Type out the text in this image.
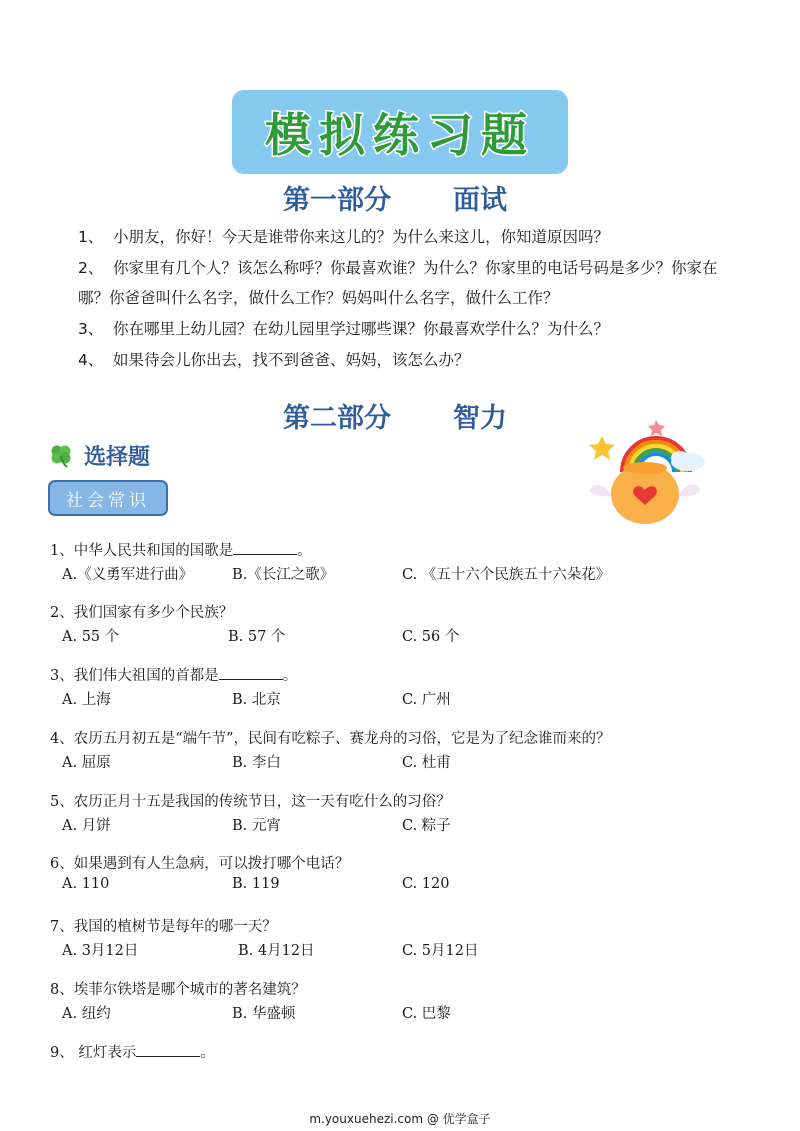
模拟练习题
第一部分 面试
1、 小朋友，你好！今天是谁带你来这儿的？为什么来这儿，你知道原因吗？
2、 你家里有几个人？该怎么称呼？你最喜欢谁？为什么？你家里的电话号码是多少？你家在
哪？你爸爸叫什么名字，做什么工作？妈妈叫什么名字，做什么工作？
3、 你在哪里上幼儿园？在幼儿园里学过哪些课？你最喜欢学什么？为什么？
4、 如果待会儿你出去，找不到爸爸、妈妈，该怎么办？
第二部分 智力
选择题
社会常识
1、中华人民共和国的国歌是	。
A.《义勇军进行曲》	B.《长江之歌》	C. 《五十六个民族五十六朵花》
2、我们国家有多少个民族？
A. 55 个	B. 57 个	C. 56 个
3、我们伟大祖国的首都是	。
A. 上海	B. 北京	C. 广州
4、农历五月初五是“端午节”，民间有吃粽子、赛龙舟的习俗，它是为了纪念谁而来的？
A. 屈原	B. 李白	C. 杜甫
5、农历正月十五是我国的传统节日，这一天有吃什么的习俗？
A. 月饼	B. 元宵	C. 粽子
6、如果遇到有人生急病，可以拨打哪个电话？
A. 110	B. 119	C. 120
7、我国的植树节是每年的哪一天？
A. 3月12日	B. 4月12日	C. 5月12日
8、埃菲尔铁塔是哪个城市的著名建筑？
A. 纽约	B. 华盛顿	C. 巴黎
9、 红灯表示	。
m.youxuehezi.com @ 优学盒子
